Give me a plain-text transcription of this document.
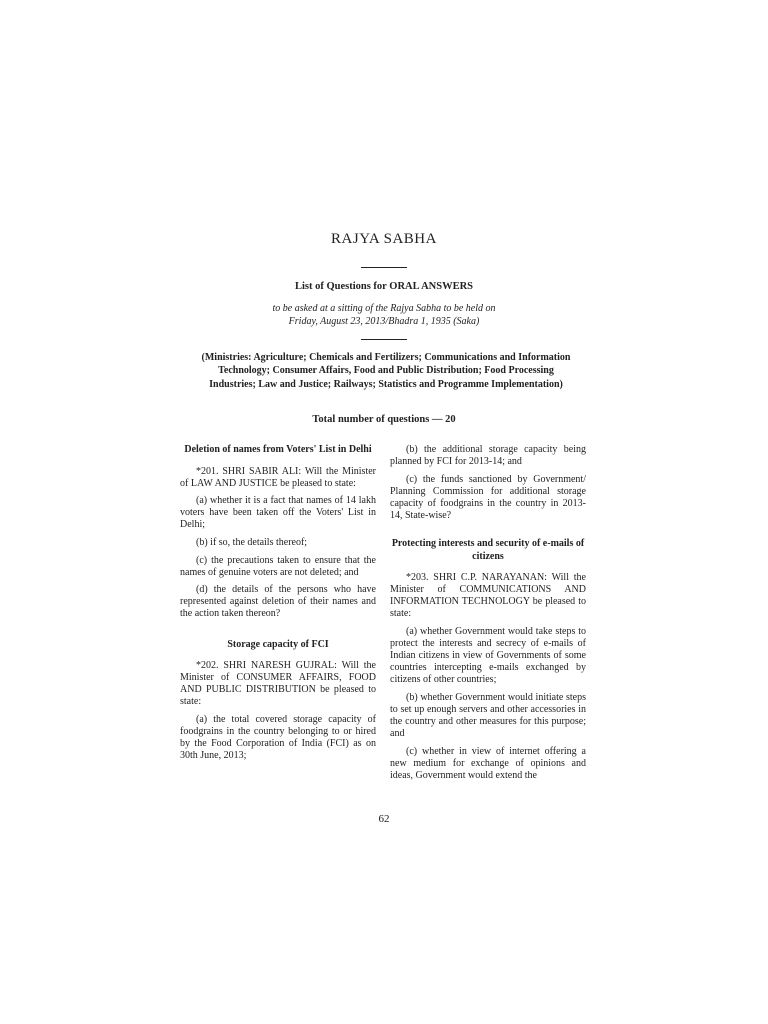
RAJYA SABHA
List of Questions for ORAL ANSWERS
to be asked at a sitting of the Rajya Sabha to be held on
Friday, August 23, 2013/Bhadra 1, 1935 (Saka)
(Ministries: Agriculture; Chemicals and Fertilizers; Communications and Information Technology; Consumer Affairs, Food and Public Distribution; Food Processing Industries; Law and Justice; Railways; Statistics and Programme Implementation)
Total number of questions — 20
Deletion of names from Voters' List in Delhi

*201. SHRI SABIR ALI: Will the Minister of LAW AND JUSTICE be pleased to state:

(a) whether it is a fact that names of 14 lakh voters have been taken off the Voters' List in Delhi;

(b) if so, the details thereof;

(c) the precautions taken to ensure that the names of genuine voters are not deleted; and

(d) the details of the persons who have represented against deletion of their names and the action taken thereon?

Storage capacity of FCI

*202. SHRI NARESH GUJRAL: Will the Minister of CONSUMER AFFAIRS, FOOD AND PUBLIC DISTRIBUTION be pleased to state:

(a) the total covered storage capacity of foodgrains in the country belonging to or hired by the Food Corporation of India (FCI) as on 30th June, 2013;

(b) the additional storage capacity being planned by FCI for 2013-14; and

(c) the funds sanctioned by Government/ Planning Commission for additional storage capacity of foodgrains in the country in 2013-14, State-wise?

Protecting interests and security of e-mails of citizens

*203. SHRI C.P. NARAYANAN: Will the Minister of COMMUNICATIONS AND INFORMATION TECHNOLOGY be pleased to state:

(a) whether Government would take steps to protect the interests and secrecy of e-mails of Indian citizens in view of Governments of some countries intercepting e-mails exchanged by citizens of other countries;

(b) whether Government would initiate steps to set up enough servers and other accessories in the country and other measures for this purpose; and

(c) whether in view of internet offering a new medium for exchange of opinions and ideas, Government would extend the

62
